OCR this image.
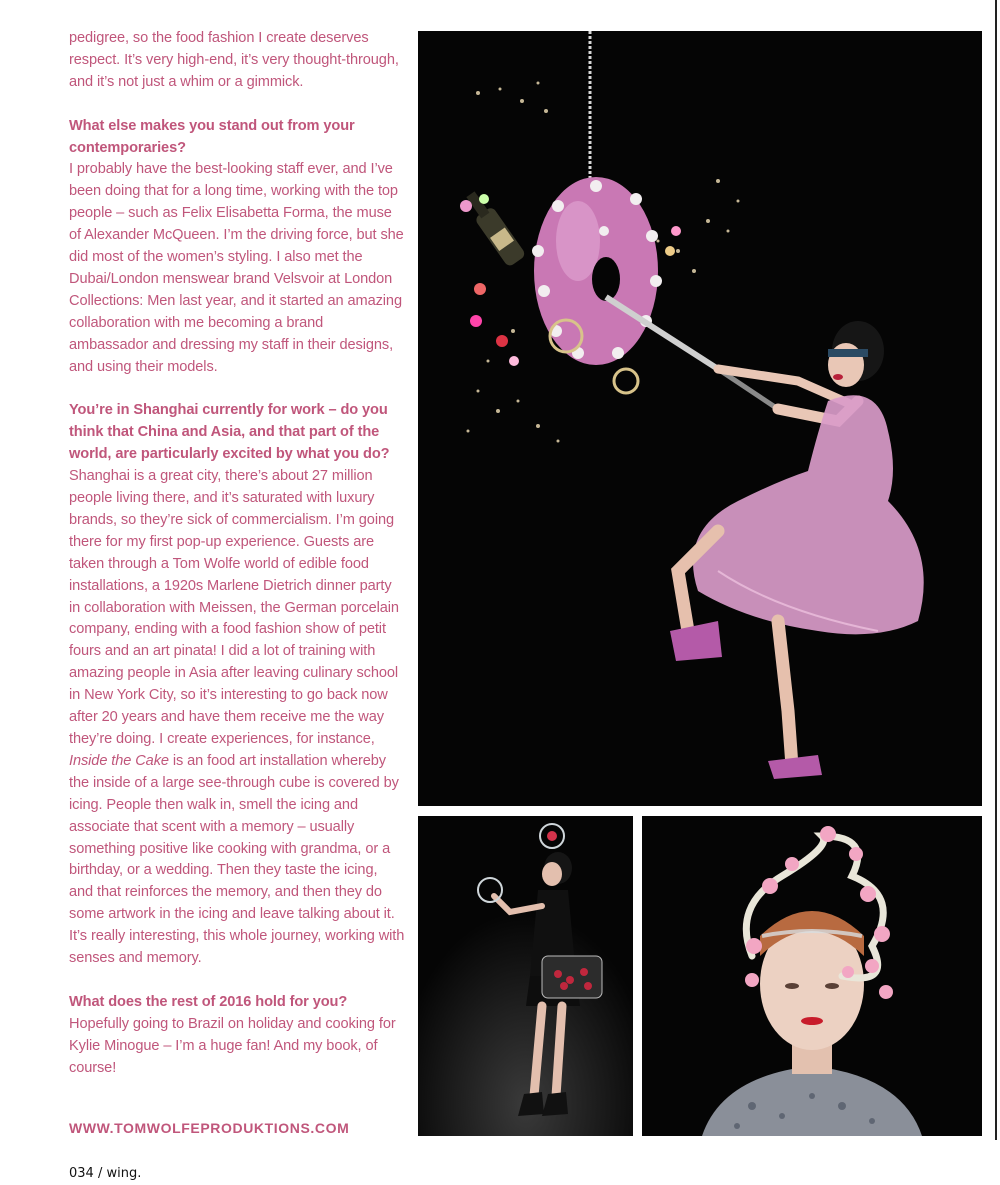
pedigree, so the food fashion I create deserves respect. It’s very high-end, it’s very thought-through, and it’s not just a whim or a gimmick.

What else makes you stand out from your contemporaries?

I probably have the best-looking staff ever, and I’ve been doing that for a long time, working with the top people – such as Felix Elisabetta Forma, the muse of Alexander McQueen. I’m the driving force, but she did most of the women’s styling. I also met the Dubai/London menswear brand Velsvoir at London Collections: Men last year, and it started an amazing collaboration with me becoming a brand ambassador and dressing my staff in their designs, and using their models.

You’re in Shanghai currently for work – do you think that China and Asia, and that part of the world, are particularly excited by what you do?

Shanghai is a great city, there’s about 27 million people living there, and it’s saturated with luxury brands, so they’re sick of commercialism. I’m going there for my first pop-up experience. Guests are taken through a Tom Wolfe world of edible food installations, a 1920s Marlene Dietrich dinner party in collaboration with Meissen, the German porcelain company, ending with a food fashion show of petit fours and an art pinata! I did a lot of training with amazing people in Asia after leaving culinary school in New York City, so it’s interesting to go back now after 20 years and have them receive me the way they’re doing. I create experiences, for instance, Inside the Cake is an food art installation whereby the inside of a large see-through cube is covered by icing. People then walk in, smell the icing and associate that scent with a memory – usually something positive like cooking with grandma, or a birthday, or a wedding. Then they taste the icing, and that reinforces the memory, and then they do some artwork in the icing and leave talking about it. It’s really interesting, this whole journey, working with senses and memory.

What does the rest of 2016 hold for you?

Hopefully going to Brazil on holiday and cooking for Kylie Minogue – I’m a huge fan! And my book, of course!

WWW.TOMWOLFEPRODUKTIONS.COM
034 / wing.
